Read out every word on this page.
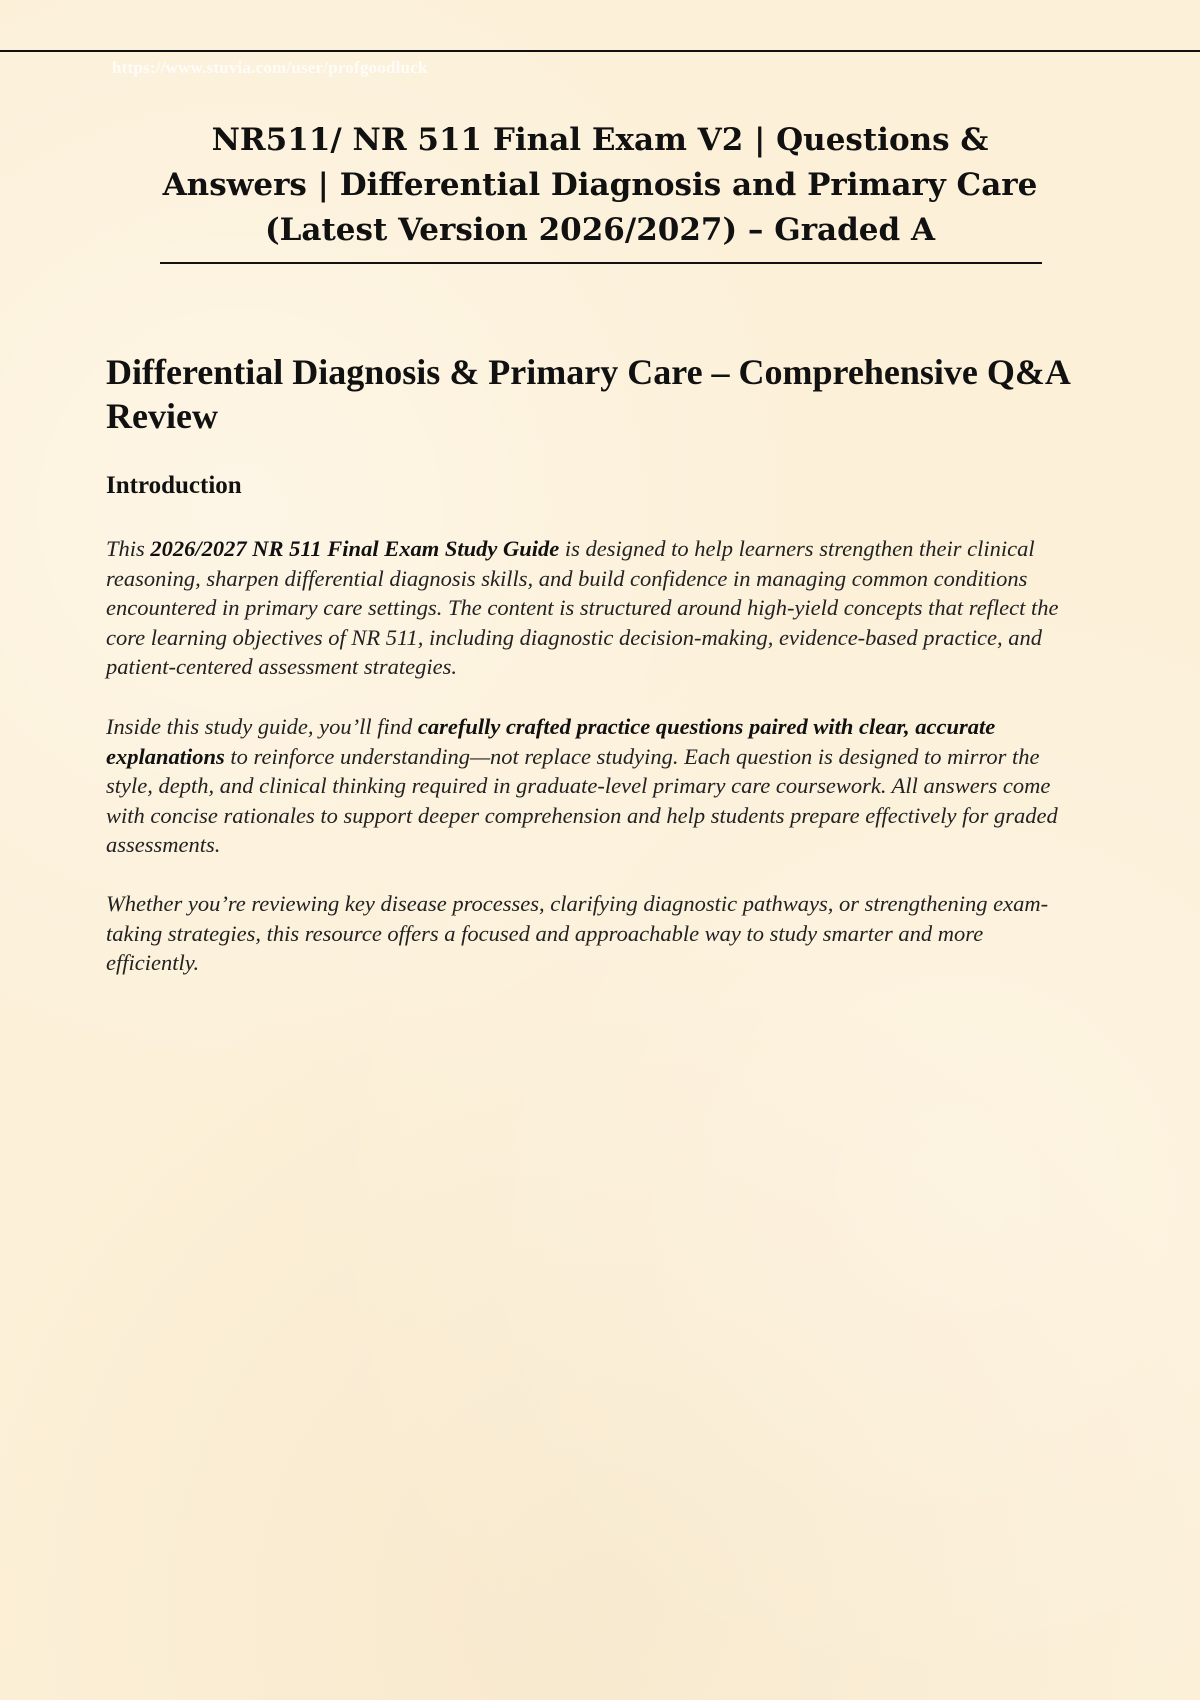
https://www.stuvia.com/user/profgoodluck
NR511/ NR 511 Final Exam V2 | Questions & Answers | Differential Diagnosis and Primary Care (Latest Version 2026/2027) – Graded A
Differential Diagnosis & Primary Care – Comprehensive Q&A Review
Introduction

This 2026/2027 NR 511 Final Exam Study Guide is designed to help learners strengthen their clinical reasoning, sharpen differential diagnosis skills, and build confidence in managing common conditions encountered in primary care settings. The content is structured around high-yield concepts that reflect the core learning objectives of NR 511, including diagnostic decision-making, evidence-based practice, and patient-centered assessment strategies.

Inside this study guide, you’ll find carefully crafted practice questions paired with clear, accurate explanations to reinforce understanding—not replace studying. Each question is designed to mirror the style, depth, and clinical thinking required in graduate-level primary care coursework. All answers come with concise rationales to support deeper comprehension and help students prepare effectively for graded assessments.

Whether you’re reviewing key disease processes, clarifying diagnostic pathways, or strengthening exam-taking strategies, this resource offers a focused and approachable way to study smarter and more efficiently.
